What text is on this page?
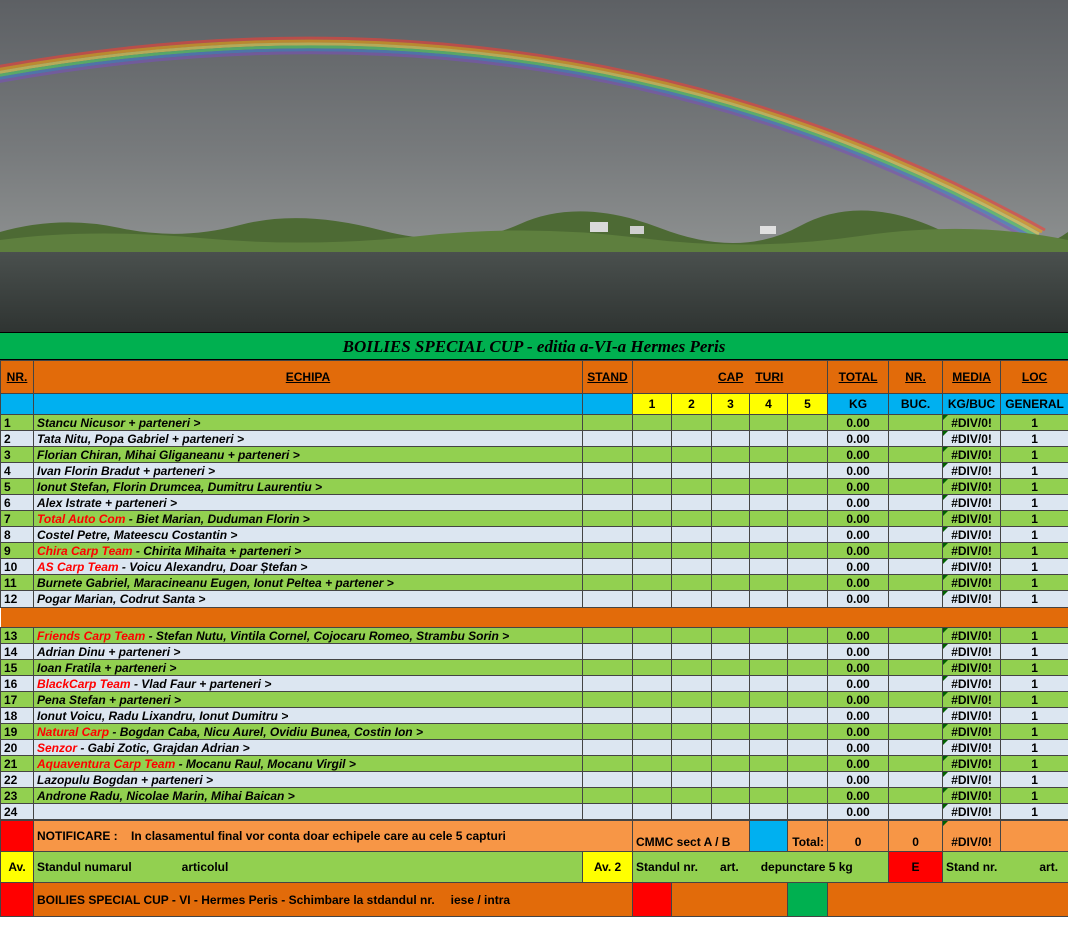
BOILIES SPECIAL CUP - editia a-VI-a Hermes Peris
NR.	ECHIPA	STAND	CAP TURI					TOTAL	NR.	MEDIA	LOC
			1	2	3	4	5	KG	BUC.	KG/BUC	GENERAL
1	Stancu Nicusor + parteneri >							0.00		#DIV/0!	1
2	Tata Nitu, Popa Gabriel + parteneri >							0.00		#DIV/0!	1
3	Florian Chiran, Mihai Gliganeanu + parteneri >							0.00		#DIV/0!	1
4	Ivan Florin Bradut + parteneri >							0.00		#DIV/0!	1
5	Ionut Stefan, Florin Drumcea, Dumitru Laurentiu >							0.00		#DIV/0!	1
6	Alex Istrate + parteneri >							0.00		#DIV/0!	1
7	Total Auto Com - Biet Marian, Duduman Florin >							0.00		#DIV/0!	1
8	Costel Petre, Mateescu Costantin >							0.00		#DIV/0!	1
9	Chira Carp Team - Chirita Mihaita + parteneri >							0.00		#DIV/0!	1
10	AS Carp Team - Voicu Alexandru, Doar Ștefan >							0.00		#DIV/0!	1
11	Burnete Gabriel, Maracineanu Eugen, Ionut Peltea + partener >							0.00		#DIV/0!	1
12	Pogar Marian, Codrut Santa >							0.00		#DIV/0!	1

13	Friends Carp Team - Stefan Nutu, Vintila Cornel, Cojocaru Romeo, Strambu Sorin >							0.00		#DIV/0!	1
14	Adrian Dinu + parteneri >							0.00		#DIV/0!	1
15	Ioan Fratila + parteneri >							0.00		#DIV/0!	1
16	BlackCarp Team - Vlad Faur + parteneri >							0.00		#DIV/0!	1
17	Pena Stefan + parteneri >							0.00		#DIV/0!	1
18	Ionut Voicu, Radu Lixandru, Ionut Dumitru >							0.00		#DIV/0!	1
19	Natural Carp - Bogdan Caba, Nicu Aurel, Ovidiu Bunea, Costin Ion >							0.00		#DIV/0!	1
20	Senzor - Gabi Zotic, Grajdan Adrian >							0.00		#DIV/0!	1
21	Aquaventura Carp Team - Mocanu Raul, Mocanu Virgil >							0.00		#DIV/0!	1
22	Lazopulu Bogdan + parteneri >							0.00		#DIV/0!	1
23	Androne Radu, Nicolae Marin, Mihai Baican >							0.00		#DIV/0!	1
24								0.00		#DIV/0!	1
	NOTIFICARE : In clasamentul final vor conta doar echipele care au cele 5 capturi		CMMC sect A / B			Total:	0	0	#DIV/0!	
Av.	Standul numarul articolul	Av. 2	Standul nr. art. depunctare 5 kg					E	Stand nr. art.	
	BOILIES SPECIAL CUP - VI - Hermes Peris - Schimbare la stdandul nr. iese / intra									
